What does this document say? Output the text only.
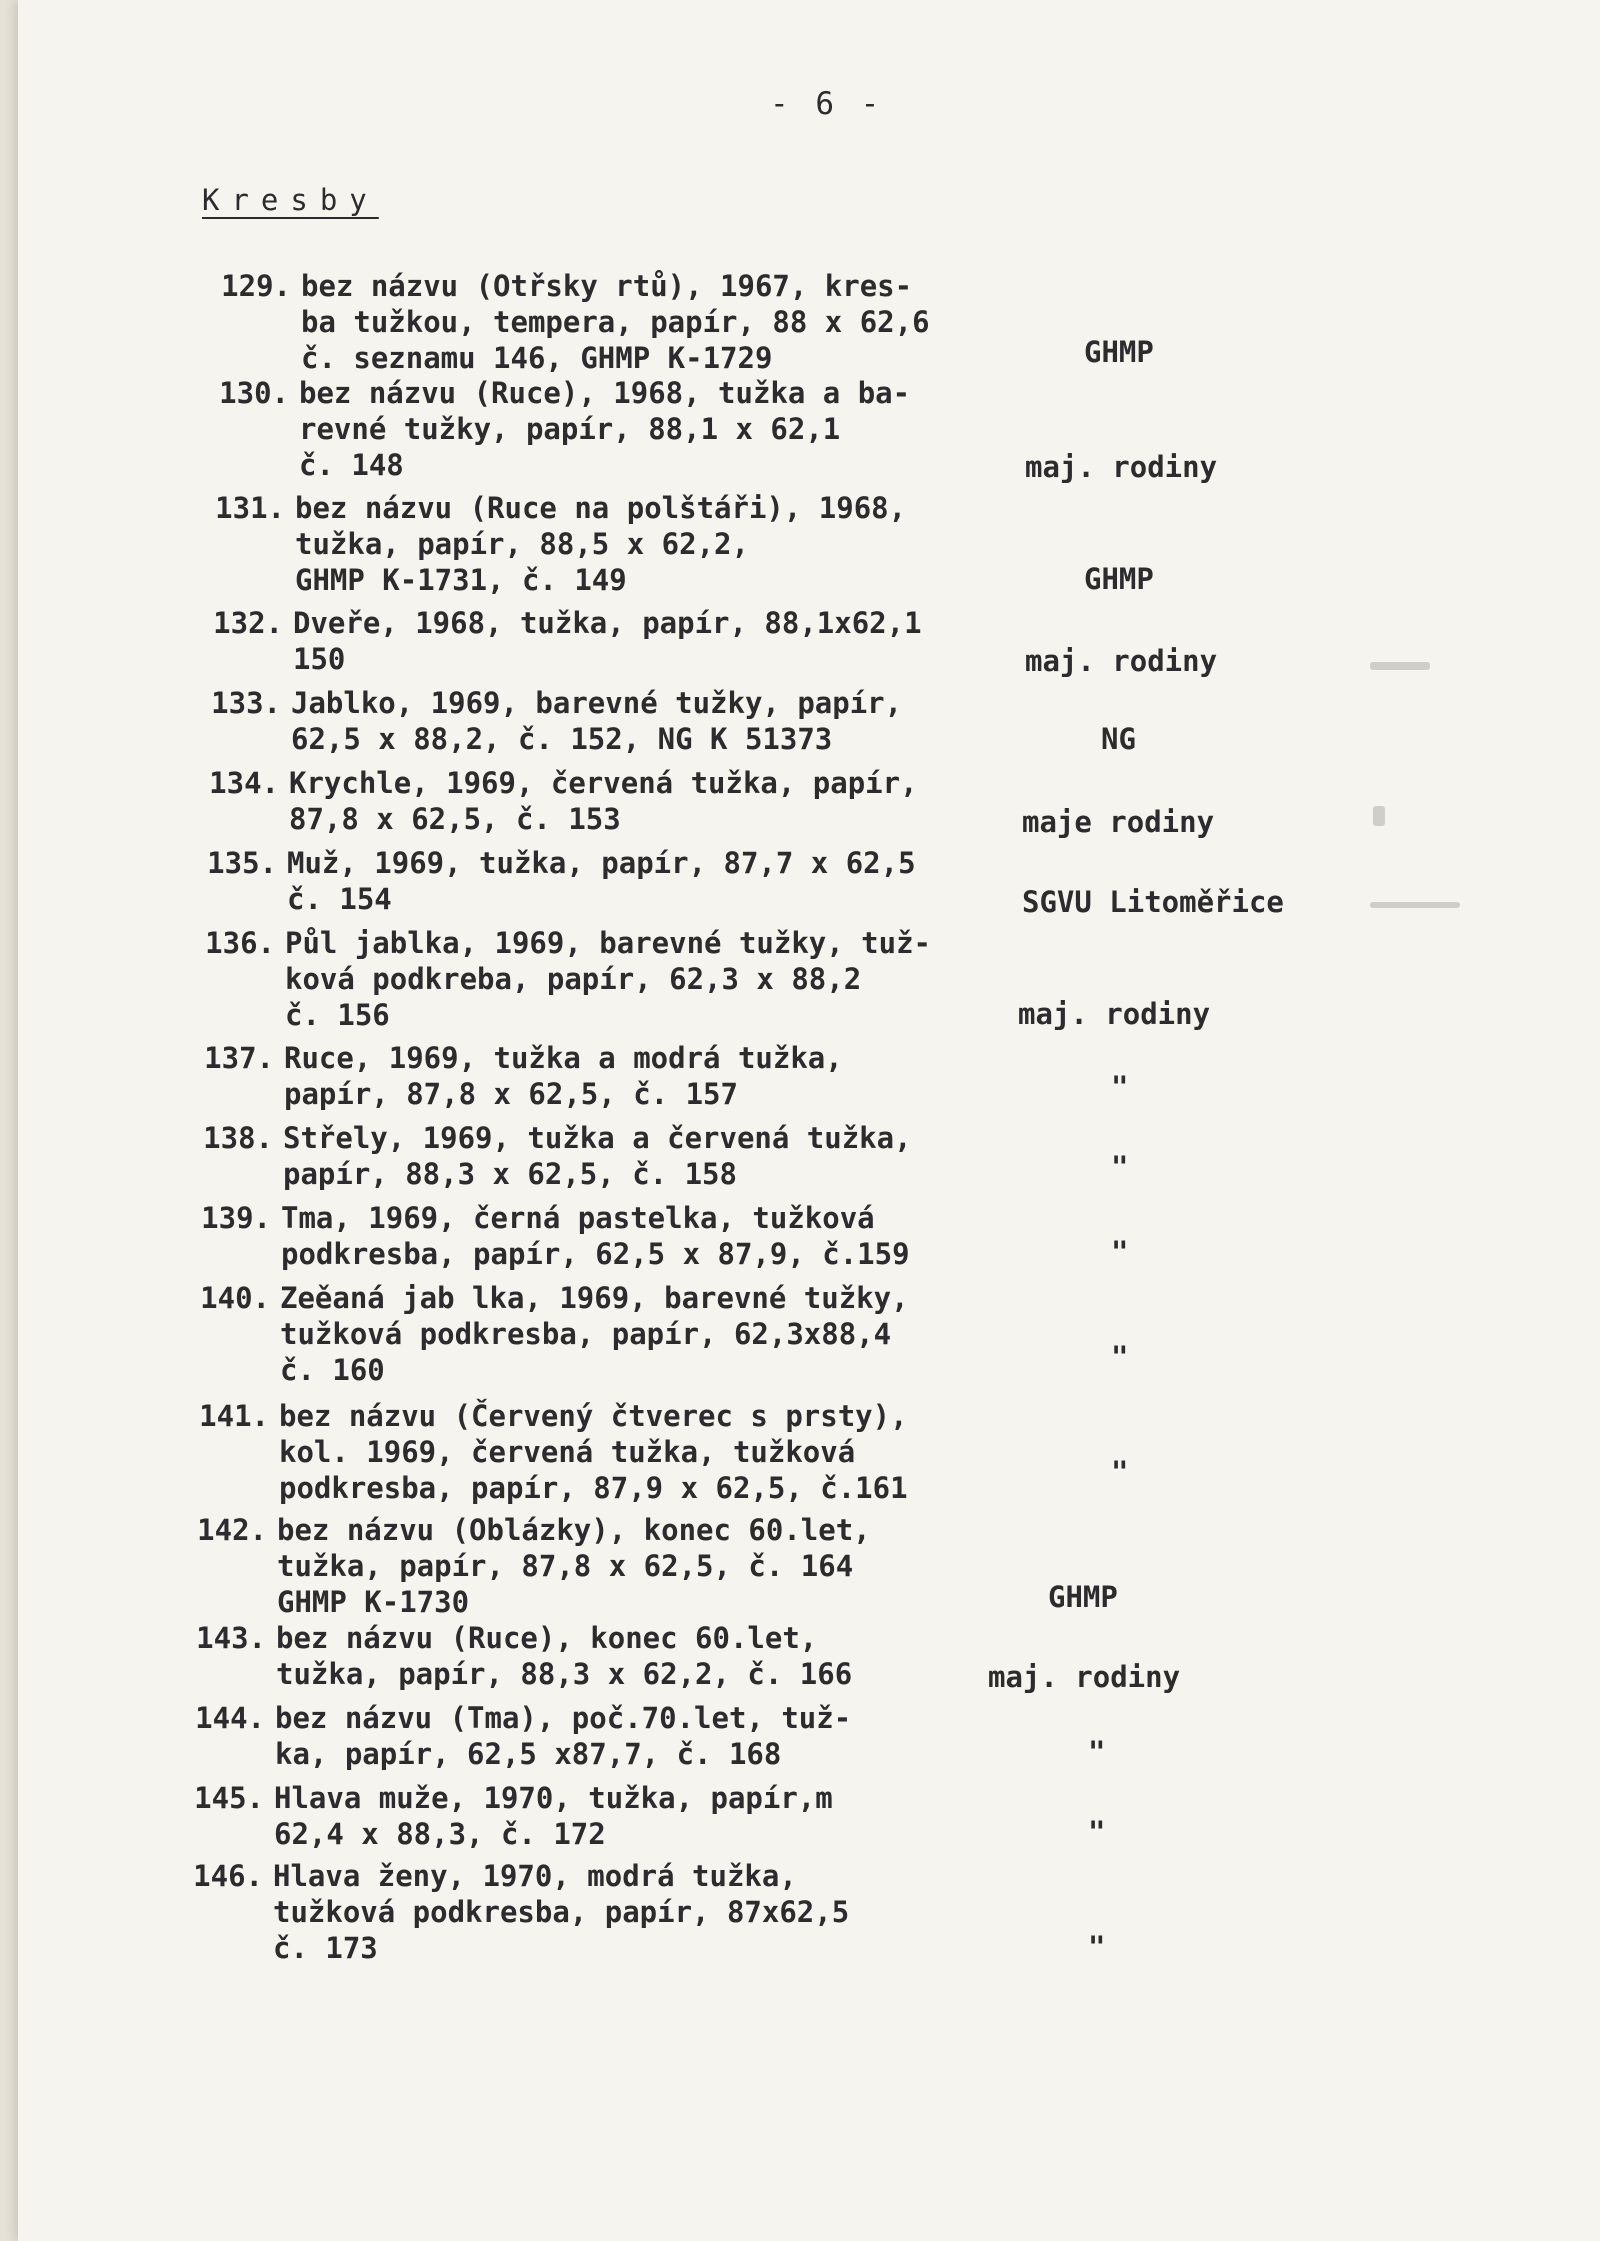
- 6 -
Kresby
129. bez názvu (Otřsky rtů), 1967, kres-
ba tužkou, tempera, papír, 88 x 62,6
č. seznamu 146, GHMP K-1729	GHMP
130. bez názvu (Ruce), 1968, tužka a ba-
revné tužky, papír, 88,1 x 62,1
č. 148	maj. rodiny
131. bez názvu (Ruce na polštáři), 1968,
tužka, papír, 88,5 x 62,2,
GHMP K-1731, č. 149	GHMP
132. Dveře, 1968, tužka, papír, 88,1x62,1
150	maj. rodiny
133. Jablko, 1969, barevné tužky, papír,
62,5 x 88,2, č. 152, NG K 51373	NG
134. Krychle, 1969, červená tužka, papír,
87,8 x 62,5, č. 153	maje rodiny
135. Muž, 1969, tužka, papír, 87,7 x 62,5
č. 154	SGVU Litoměřice
136. Půl jablka, 1969, barevné tužky, tuž-
ková podkreba, papír, 62,3 x 88,2
č. 156	maj. rodiny
137. Ruce, 1969, tužka a modrá tužka,
papír, 87,8 x 62,5, č. 157	"
138. Střely, 1969, tužka a červená tužka,
papír, 88,3 x 62,5, č. 158	"
139. Tma, 1969, černá pastelka, tužková
podkresba, papír, 62,5 x 87,9, č.159	"
140. Zeěaná jab lka, 1969, barevné tužky,
tužková podkresba, papír, 62,3x88,4
č. 160	"
141. bez názvu (Červený čtverec s prsty),
kol. 1969, červená tužka, tužková
podkresba, papír, 87,9 x 62,5, č.161	"
142. bez názvu (Oblázky), konec 60.let,
tužka, papír, 87,8 x 62,5, č. 164
GHMP K-1730	GHMP
143. bez názvu (Ruce), konec 60.let,
tužka, papír, 88,3 x 62,2, č. 166	maj. rodiny
144. bez názvu (Tma), poč.70.let, tuž-
ka, papír, 62,5 x87,7, č. 168	"
145. Hlava muže, 1970, tužka, papír,m
62,4 x 88,3, č. 172	"
146. Hlava ženy, 1970, modrá tužka,
tužková podkresba, papír, 87x62,5
č. 173	"
